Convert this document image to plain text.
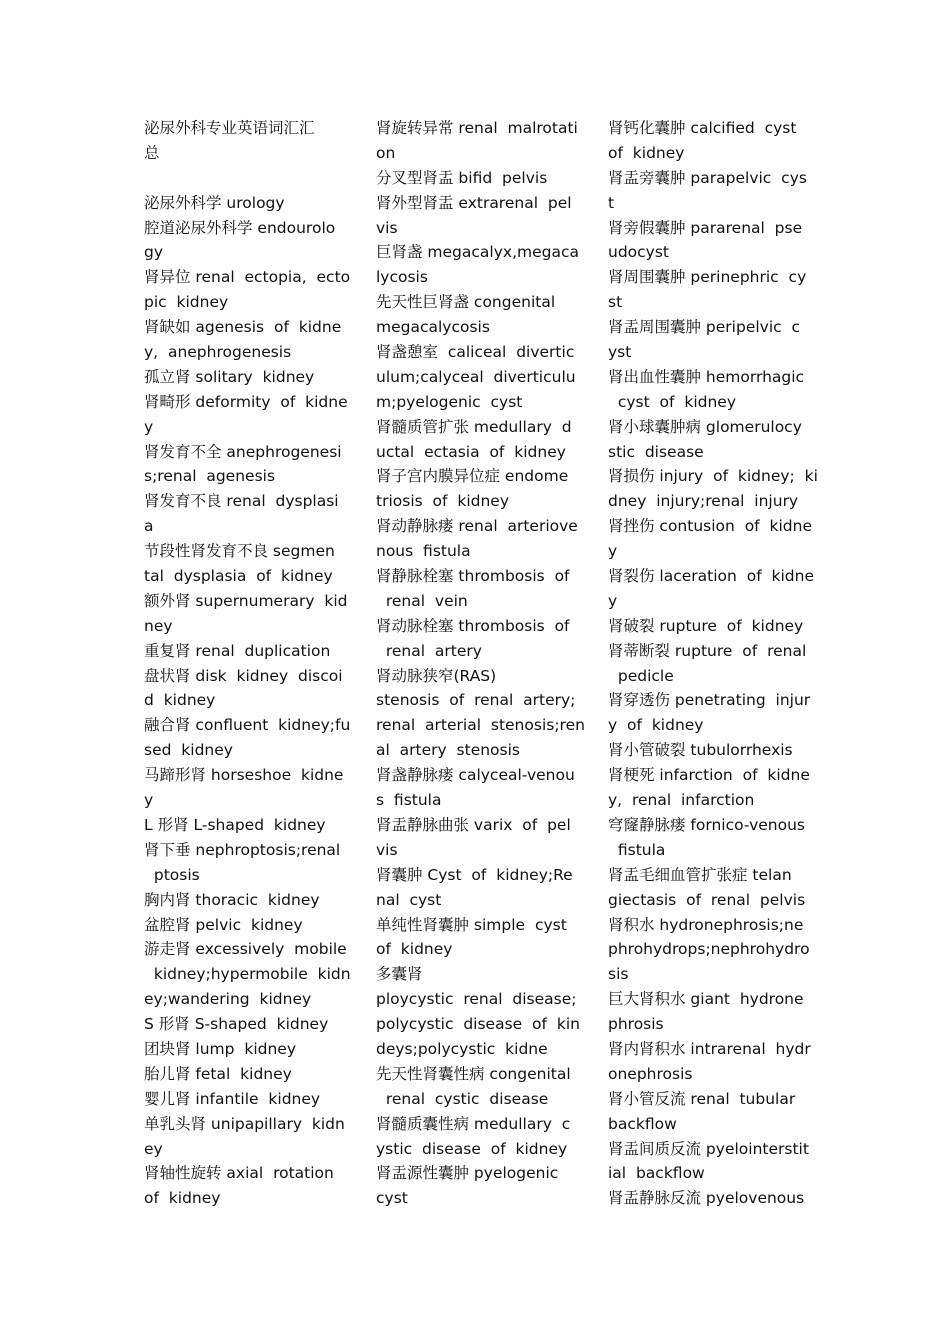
泌尿外科专业英语词汇汇
总
泌尿外科学 urology
腔道泌尿外科学 endourolo
gy
肾异位 renal  ectopia,  ecto
pic  kidney
肾缺如 agenesis  of  kidne
y,  anephrogenesis
孤立肾 solitary  kidney
肾畸形 deformity  of  kidne
y
肾发育不全 anephrogenesi
s;renal  agenesis
肾发育不良 renal  dysplasi
a
节段性肾发育不良 segmen
tal  dysplasia  of  kidney
额外肾 supernumerary  kid
ney
重复肾 renal  duplication
盘状肾 disk  kidney  discoi
d  kidney
融合肾 confluent  kidney;fu
sed  kidney
马蹄形肾 horseshoe  kidne
y
L 形肾 L-shaped  kidney
肾下垂 nephroptosis;renal
ptosis
胸内肾 thoracic  kidney
盆腔肾 pelvic  kidney
游走肾 excessively  mobile
kidney;hypermobile  kidn
ey;wandering  kidney
S 形肾 S-shaped  kidney
团块肾 lump  kidney
胎儿肾 fetal  kidney
婴儿肾 infantile  kidney
单乳头肾 unipapillary  kidn
ey
肾轴性旋转 axial  rotation
of  kidney
肾旋转异常 renal  malrotati
on
分叉型肾盂 bifid  pelvis
肾外型肾盂 extrarenal  pel
vis
巨肾盏 megacalyx,megaca
lycosis
先天性巨肾盏 congenital
megacalycosis
肾盏憩室  caliceal  divertic
ulum;calyceal  diverticulu
m;pyelogenic  cyst
肾髓质管扩张 medullary  d
uctal  ectasia  of  kidney
肾子宫内膜异位症 endome
triosis  of  kidney
肾动静脉瘘 renal  arteriove
nous  fistula
肾静脉栓塞 thrombosis  of
renal  vein
肾动脉栓塞 thrombosis  of
renal  artery
肾动脉狭窄(RAS)
stenosis  of  renal  artery;
renal  arterial  stenosis;ren
al  artery  stenosis
肾盏静脉瘘 calyceal-venou
s  fistula
肾盂静脉曲张 varix  of  pel
vis
肾囊肿 Cyst  of  kidney;Re
nal  cyst
单纯性肾囊肿 simple  cyst
of  kidney
多囊肾
ploycystic  renal  disease;
polycystic  disease  of  kin
deys;polycystic  kidne
先天性肾囊性病 congenital
renal  cystic  disease
肾髓质囊性病 medullary  c
ystic  disease  of  kidney
肾盂源性囊肿 pyelogenic
cyst
肾钙化囊肿 calcified  cyst
of  kidney
肾盂旁囊肿 parapelvic  cys
t
肾旁假囊肿 pararenal  pse
udocyst
肾周围囊肿 perinephric  cy
st
肾盂周围囊肿 peripelvic  c
yst
肾出血性囊肿 hemorrhagic
cyst  of  kidney
肾小球囊肿病 glomerulocy
stic  disease
肾损伤 injury  of  kidney;  ki
dney  injury;renal  injury
肾挫伤 contusion  of  kidne
y
肾裂伤 laceration  of  kidne
y
肾破裂 rupture  of  kidney
肾蒂断裂 rupture  of  renal
pedicle
肾穿透伤 penetrating  injur
y  of  kidney
肾小管破裂 tubulorrhexis
肾梗死 infarction  of  kidne
y,  renal  infarction
穹窿静脉瘘 fornico-venous
fistula
肾盂毛细血管扩张症 telan
giectasis  of  renal  pelvis
肾积水 hydronephrosis;ne
phrohydrops;nephrohydro
sis
巨大肾积水 giant  hydrone
phrosis
肾内肾积水 intrarenal  hydr
onephrosis
肾小管反流 renal  tubular
backflow
肾盂间质反流 pyelointerstit
ial  backflow
肾盂静脉反流 pyelovenous
